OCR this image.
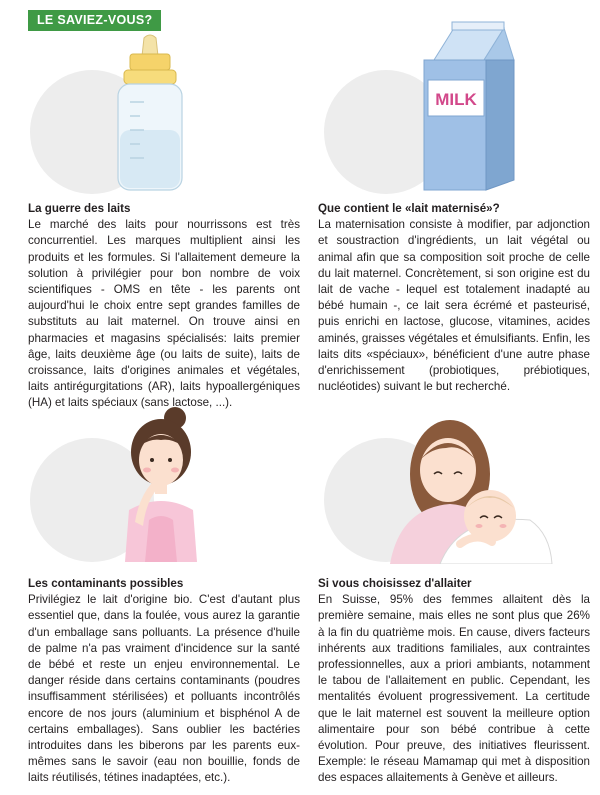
LE SAVIEZ-VOUS?
MILK
La guerre des laits

Le marché des laits pour nourrissons est très concurrentiel. Les marques multiplient ainsi les produits et les formules. Si l'allaitement demeure la solution à privilégier pour bon nombre de voix scientifiques - OMS en tête - les parents ont aujourd'hui le choix entre sept grandes familles de substituts au lait maternel. On trouve ainsi en pharmacies et magasins spécialisés: laits premier âge, laits deuxième âge (ou laits de suite), laits de croissance, laits d'origines animales et végétales, laits antirégurgitations (AR), laits hypoallergéniques (HA) et laits spéciaux (sans lactose, ...).

Que contient le «lait maternisé»?

La maternisation consiste à modifier, par adjonction et soustraction d'ingrédients, un lait végétal ou animal afin que sa composition soit proche de celle du lait maternel. Concrètement, si son origine est du lait de vache - lequel est totalement inadapté au bébé humain -, ce lait sera écrémé et pasteurisé, puis enrichi en lactose, glucose, vitamines, acides aminés, graisses végétales et émulsifiants. Enfin, les laits dits «spéciaux», bénéficient d'une autre phase d'enrichissement (probiotiques, prébiotiques, nucléotides) suivant le but recherché.

Les contaminants possibles

Privilégiez le lait d'origine bio. C'est d'autant plus essentiel que, dans la foulée, vous aurez la garantie d'un emballage sans polluants. La présence d'huile de palme n'a pas vraiment d'incidence sur la santé de bébé et reste un enjeu environnemental. Le danger réside dans certains contaminants (poudres insuffisamment stérilisées) et polluants incontrôlés encore de nos jours (aluminium et bisphénol A de certains emballages). Sans oublier les bactéries introduites dans les biberons par les parents eux-mêmes sans le savoir (eau non bouillie, fonds de laits réutilisés, tétines inadaptées, etc.).

Si vous choisissez d'allaiter

En Suisse, 95% des femmes allaitent dès la première semaine, mais elles ne sont plus que 26% à la fin du quatrième mois. En cause, divers facteurs inhérents aux traditions familiales, aux contraintes professionnelles, aux a priori ambiants, notamment le tabou de l'allaitement en public. Cependant, les mentalités évoluent progressivement. La certitude que le lait maternel est souvent la meilleure option alimentaire pour son bébé contribue à cette évolution. Pour preuve, des initiatives fleurissent. Exemple: le réseau Mamamap qui met à disposition des espaces allaitements à Genève et ailleurs.
